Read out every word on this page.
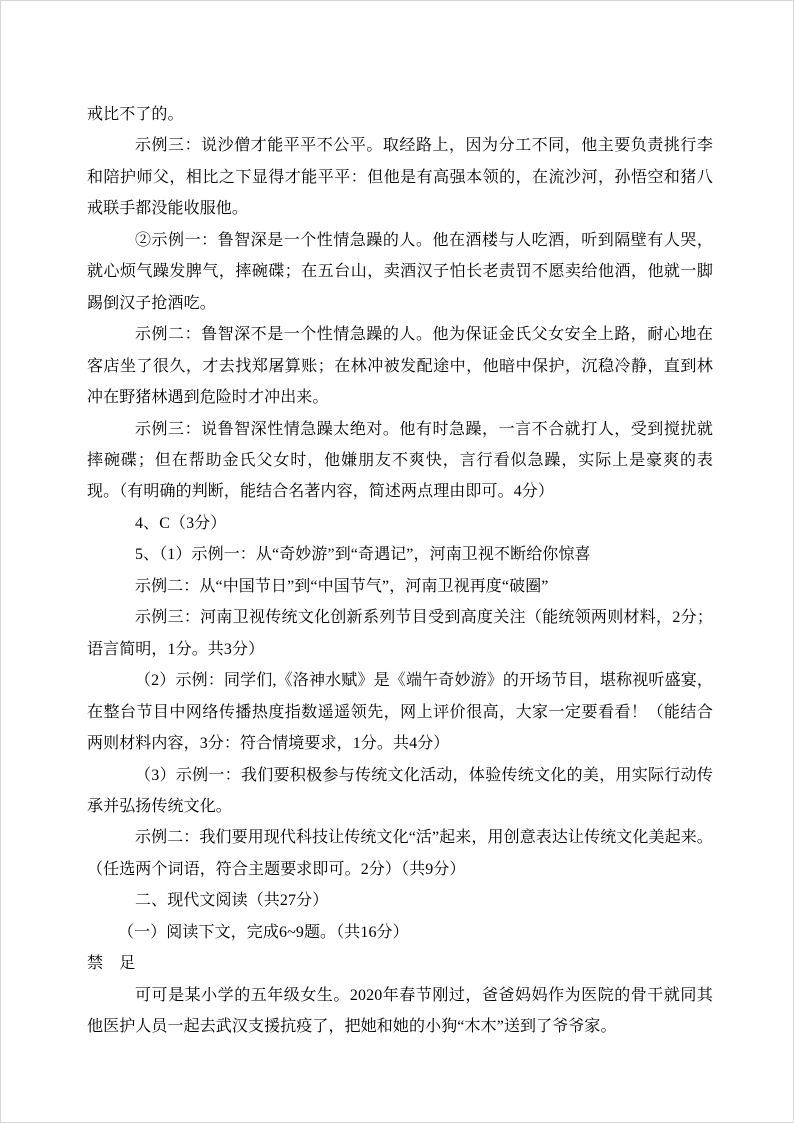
戒比不了的。

示例三：说沙僧才能平平不公平。取经路上，因为分工不同，他主要负责挑行李和陪护师父，相比之下显得才能平平：但他是有高强本领的，在流沙河，孙悟空和猪八戒联手都没能收服他。

②示例一：鲁智深是一个性情急躁的人。他在酒楼与人吃酒，听到隔壁有人哭，就心烦气躁发脾气，摔碗碟；在五台山，卖酒汉子怕长老责罚不愿卖给他酒，他就一脚踢倒汉子抢酒吃。

示例二：鲁智深不是一个性情急躁的人。他为保证金氏父女安全上路，耐心地在客店坐了很久，才去找郑屠算账；在林冲被发配途中，他暗中保护，沉稳冷静，直到林冲在野猪林遇到危险时才冲出来。

示例三：说鲁智深性情急躁太绝对。他有时急躁，一言不合就打人，受到搅扰就摔碗碟；但在帮助金氏父女时，他嫌朋友不爽快，言行看似急躁，实际上是豪爽的表现。（有明确的判断，能结合名著内容，简述两点理由即可。4分）

4、C（3分）

5、（1）示例一：从“奇妙游”到“奇遇记”，河南卫视不断给你惊喜

示例二：从“中国节日”到“中国节气”，河南卫视再度“破圈”

示例三：河南卫视传统文化创新系列节目受到高度关注（能统领两则材料，2分；语言简明，1分。共3分）

（2）示例：同学们,《洛神水赋》是《端午奇妙游》的开场节目，堪称视听盛宴，在整台节目中网络传播热度指数遥遥领先，网上评价很高，大家一定要看看！（能结合两则材料内容，3分：符合情境要求，1分。共4分）

（3）示例一：我们要积极参与传统文化活动，体验传统文化的美，用实际行动传承并弘扬传统文化。

示例二：我们要用现代科技让传统文化“活”起来，用创意表达让传统文化美起来。

（任选两个词语，符合主题要求即可。2分）（共9分）

二、现代文阅读（共27分）

（一）阅读下文，完成6~9题。（共16分）

禁　足

可可是某小学的五年级女生。2020年春节刚过，爸爸妈妈作为医院的骨干就同其他医护人员一起去武汉支援抗疫了，把她和她的小狗“木木”送到了爷爷家。
